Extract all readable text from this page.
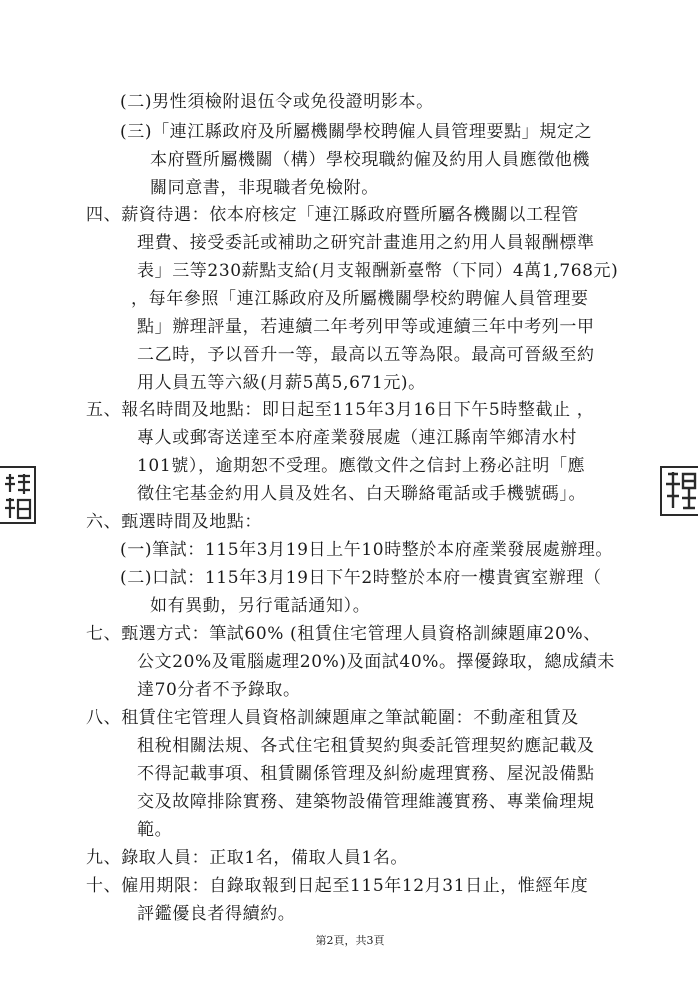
(二)男性須檢附退伍令或免役證明影本。
(三)「連江縣政府及所屬機關學校聘僱人員管理要點」規定之
本府暨所屬機關（構）學校現職約僱及約用人員應徵他機
關同意書，非現職者免檢附。
四、薪資待遇：依本府核定「連江縣政府暨所屬各機關以工程管
理費、接受委託或補助之研究計畫進用之約用人員報酬標準
表」三等230薪點支給(月支報酬新臺幣（下同）4萬1,768元)
，每年參照「連江縣政府及所屬機關學校約聘僱人員管理要
點」辦理評量，若連續二年考列甲等或連續三年中考列一甲
二乙時，予以晉升一等，最高以五等為限。最高可晉級至約
用人員五等六級(月薪5萬5,671元)。
五、報名時間及地點：即日起至115年3月16日下午5時整截止 ，
專人或郵寄送達至本府產業發展處（連江縣南竿鄉清水村
101號），逾期恕不受理。應徵文件之信封上務必註明「應
徵住宅基金約用人員及姓名、白天聯絡電話或手機號碼」。
六、甄選時間及地點：
(一)筆試：115年3月19日上午10時整於本府產業發展處辦理。
(二)口試：115年3月19日下午2時整於本府一樓貴賓室辦理（
如有異動，另行電話通知）。
七、甄選方式：筆試60% (租賃住宅管理人員資格訓練題庫20%、
公文20%及電腦處理20%)及面試40%。擇優錄取，總成績未
達70分者不予錄取。
八、租賃住宅管理人員資格訓練題庫之筆試範圍：不動產租賃及
租稅相關法規、各式住宅租賃契約與委託管理契約應記載及
不得記載事項、租賃關係管理及糾紛處理實務、屋況設備點
交及故障排除實務、建築物設備管理維護實務、專業倫理規
範。
九、錄取人員：正取1名，備取人員1名。
十、僱用期限：自錄取報到日起至115年12月31日止，惟經年度
評鑑優良者得續約。
第2頁，共3頁
